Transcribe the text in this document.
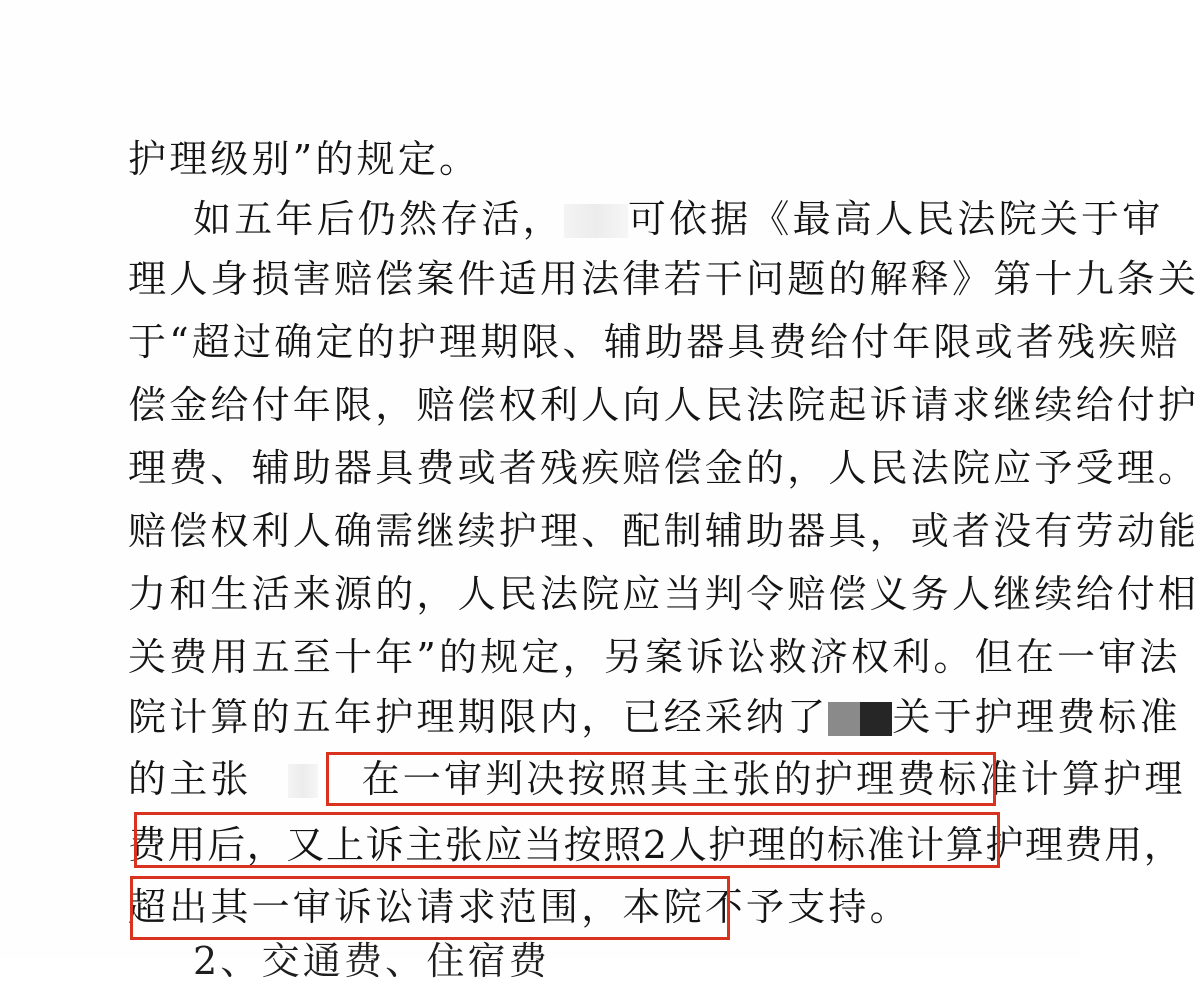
护理级别”的规定。
如五年后仍然存活， 可依据《最高人民法院关于审
理人身损害赔偿案件适用法律若干问题的解释》第十九条关
于“超过确定的护理期限、辅助器具费给付年限或者残疾赔
偿金给付年限，赔偿权利人向人民法院起诉请求继续给付护
理费、辅助器具费或者残疾赔偿金的，人民法院应予受理。
赔偿权利人确需继续护理、配制辅助器具，或者没有劳动能
力和生活来源的，人民法院应当判令赔偿义务人继续给付相
关费用五至十年”的规定，另案诉讼救济权利。但在一审法
院计算的五年护理期限内，已经采纳了 关于护理费标准
的主张	在一审判决按照其主张的护理费标准计算护理
费用后，又上诉主张应当按照2人护理的标准计算护理费用，
超出其一审诉讼请求范围，本院不予支持。
2、交通费、住宿费
